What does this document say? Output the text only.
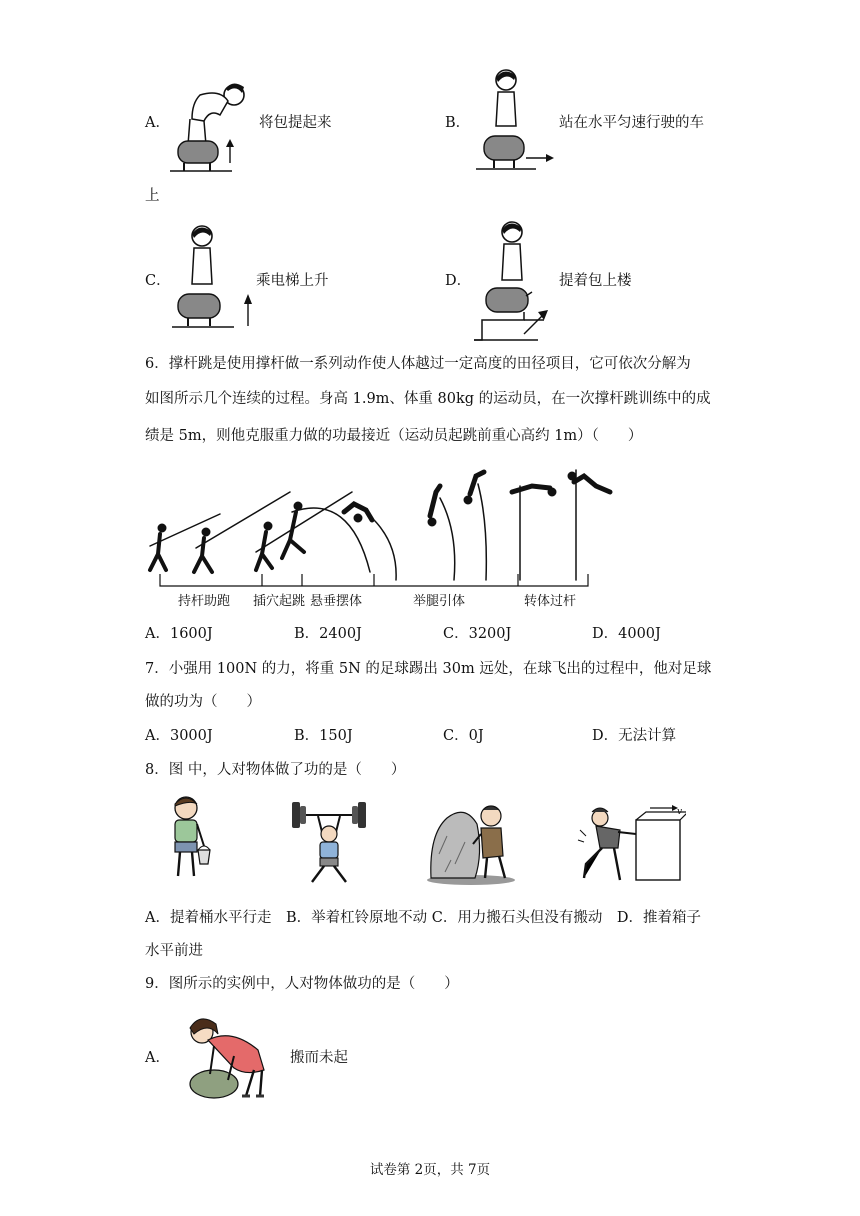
A．	将包提起来	B．	站在水平匀速行驶的车
上
C．	乘电梯上升	D．	提着包上楼
6．撑杆跳是使用撑杆做一系列动作使人体越过一定高度的田径项目，它可依次分解为
如图所示几个连续的过程。身高 1.9m、体重 80kg 的运动员，在一次撑杆跳训练中的成
绩是 5m，则他克服重力做的功最接近（运动员起跳前重心高约 1m）（　　）
持杆助跑 插穴起跳 悬垂摆体	举腿引体	转体过杆
A．1600J	B．2400J	C．3200J	D．4000J
7．小强用 100N 的力，将重 5N 的足球踢出 30m 远处，在球飞出的过程中，他对足球
做的功为（　　）
A．3000J	B．150J	C．0J	D．无法计算
8．图 中，人对物体做了功的是（　　）
v
A．提着桶水平行走　B．举着杠铃原地不动 C．用力搬石头但没有搬动　D．推着箱子
水平前进
9．图所示的实例中，人对物体做功的是（　　）
A．	搬而未起
试卷第 2页，共 7页
